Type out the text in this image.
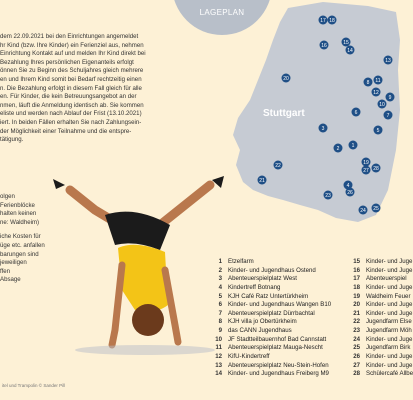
dem 22.09.2021 bei den Einrichtungen angemeldet
hr Kind (bzw. Ihre Kinder) ein Ferienziel aus, nehmen
Einrichtung Kontakt auf und melden Ihr Kind direkt bei
Bezahlung Ihres persönlichen Eigenanteils erfolgt
önnen Sie zu Beginn des Schuljahres gleich mehrere
en und Ihrem Kind somit bei Bedarf rechtzeitig einen
n. Die Bezahlung erfolgt in diesem Fall gleich für alle
en. Für Kinder, die kein Betreuungsangebot an der
nmen, läuft die Anmeldung identisch ab. Sie kommen
eliste und werden nach Ablauf der Frist (13.10.2021)
iert. In beiden Fällen erhalten Sie nach Zahlungsein-
der Möglichkeit einer Teilnahme und die entspre-
tätigung.
LAGEPLAN
olgen
Ferienblöcke
halten keinen
ne: Waldheim)
iche Kosten für
üge etc. anfallen
barungen sind
jeweiligen
ffen
Absage
Stuttgart
17 18
16	15
14
20
8 11
12
9
10
6
3	5
1
2
19
22
21
23	26
27 28
24 25
4
7
13
1 Etzelfarm
2 Kinder- und Jugendhaus Ostend
3 Abenteuerspielplatz West
4 Kindertreff Botnang
5 KJH Café Ratz Untertürkheim
6 Kinder- und Jugendhaus Wangen B10
7 Abenteuerspielplatz Dürrbachtal
8 KJH villa jo Obertürkheim
9 das CANN Jugendhaus
10 JF Stadtteilbauernhof Bad Cannstatt
11 Abenteuerspielplatz Mauga-Nescht
12 KifU-Kindertreff
13 Abenteuerspielplatz Neu-Stein-Hofen
14 Kinder- und Jugendhaus Freiberg M9
15 Kinder- und Juge
16 Kinder- und Juge
17 Abenteuerspiel
18 Kinder- und Juge
19 Waldheim Feuer
20 Kinder- und Juge
21 Kinder- und Juge
22 Jugendfarm Else
23 Jugendfarm Möh
24 Kinder- und Juge
25 Jugendfarm Birk
26 Kinder- und Juge
27 Kinder- und Juge
28 Schülercafé Allbe
itel und Trampolin © Sander Pill
